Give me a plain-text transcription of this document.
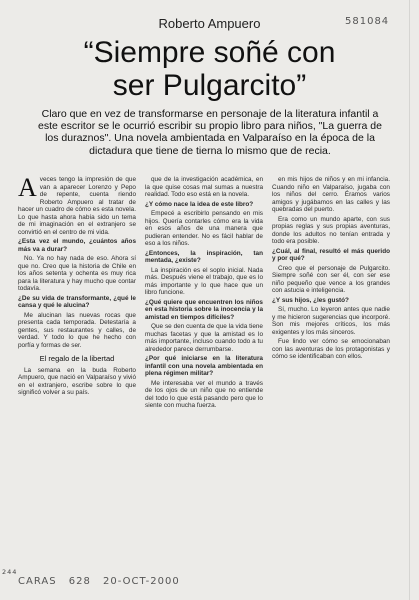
581084
Roberto Ampuero
“Siempre soñé con
ser Pulgarcito”
Claro que en vez de transformarse en personaje de la literatura infantil a este escritor se le ocurrió escribir su propio libro para niños, "La guerra de los duraznos". Una novela ambientada en Valparaíso en la época de la dictadura que tiene de tierna lo mismo que de recia.

Aveces tengo la impresión de que van a aparecer Lorenzo y Pepo de repente, cuenta riendo Roberto Ampuero al tratar de hacer un cuadro de cómo es esta novela. Lo que hasta ahora había sido un tema de mi imaginación en el extranjero se convirtió en el centro de mi vida.

¿Esta vez el mundo, ¿cuántos años más va a durar?

No. Ya no hay nada de eso. Ahora sí que no. Creo que la historia de Chile en los años setenta y ochenta es muy rica para la literatura y hay mucho que contar todavía.

¿De su vida de transformante, ¿qué le cansa y qué le alucina?

Me alucinan las nuevas rocas que presenta cada temporada. Detestaría a gentes, sus restaurantes y calles, de verdad. Y todo lo que he hecho con porfía y formas de ser.

El regalo de la libertad

La semana en la buda Roberto Ampuero, que nació en Valparaíso y vivió en el extranjero, escribe sobre lo que significó volver a su país.

que de la investigación académica, en la que quise cosas mal sumas a nuestra realidad. Todo eso está en la novela.

¿Y cómo nace la idea de este libro?

Empecé a escribirlo pensando en mis hijos. Quería contarles cómo era la vida en esos años de una manera que pudieran entender. No es fácil hablar de eso a los niños.

¿Entonces, la inspiración, tan mentada, ¿existe?

La inspiración es el soplo inicial. Nada más. Después viene el trabajo, que es lo más importante y lo que hace que un libro funcione.

¿Qué quiere que encuentren los niños en esta historia sobre la inocencia y la amistad en tiempos difíciles?

Que se den cuenta de que la vida tiene muchas facetas y que la amistad es lo más importante, incluso cuando todo a tu alrededor parece derrumbarse.

¿Por qué iniciarse en la literatura infantil con una novela ambientada en plena régimen militar?

Me interesaba ver el mundo a través de los ojos de un niño que no entiende del todo lo que está pasando pero que lo siente con mucha fuerza.

en mis hijos de niños y en mi infancia. Cuando niño en Valparaíso, jugaba con los niños del cerro. Éramos varios amigos y jugábamos en las calles y las quebradas del puerto.

Era como un mundo aparte, con sus propias reglas y sus propias aventuras, donde los adultos no tenían entrada y todo era posible.

¿Cuál, al final, resultó el más querido y por qué?

Creo que el personaje de Pulgarcito. Siempre soñé con ser él, con ser ese niño pequeño que vence a los grandes con astucia e inteligencia.

¿Y sus hijos, ¿les gustó?

Sí, mucho. Lo leyeron antes que nadie y me hicieron sugerencias que incorporé. Son mis mejores críticos, los más exigentes y los más sinceros.

Fue lindo ver cómo se emocionaban con las aventuras de los protagonistas y cómo se identificaban con ellos.

244
CARAS 628 20-OCT-2000
